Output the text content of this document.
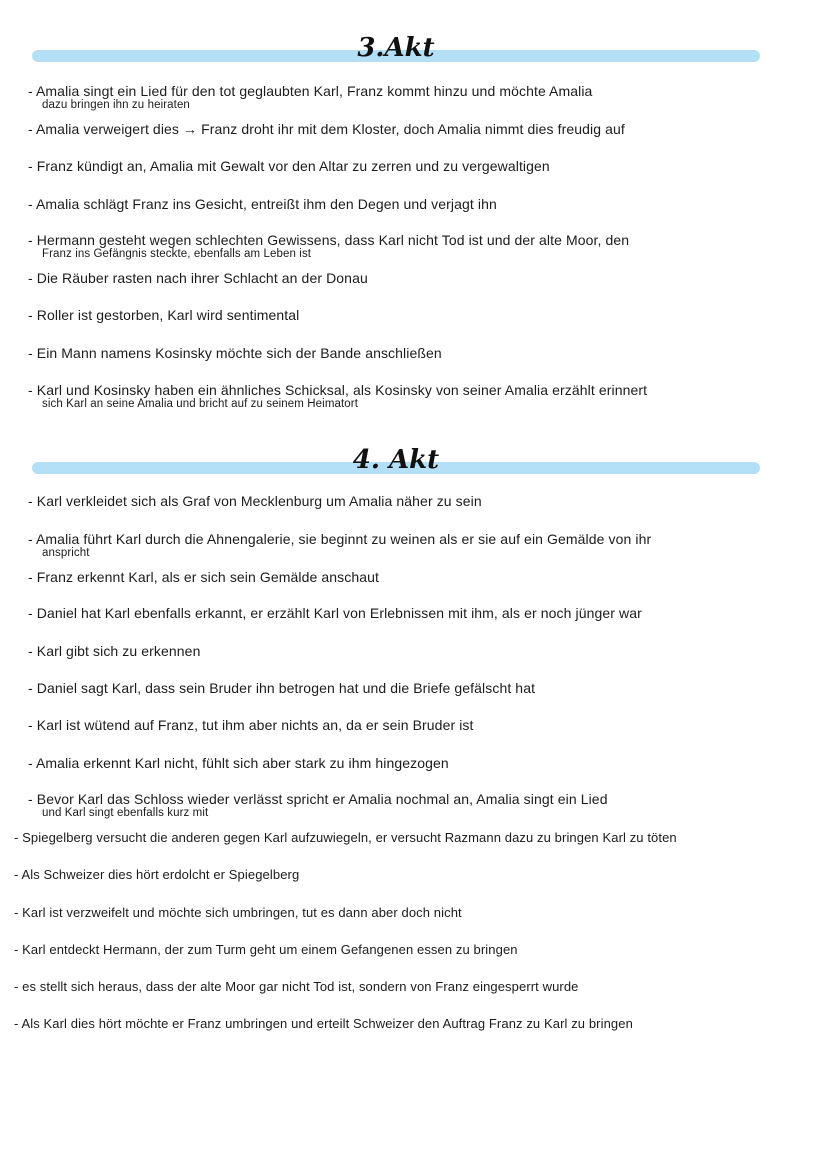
3.Akt
- Amalia singt ein Lied für den tot geglaubten Karl, Franz kommt hinzu und möchte Amalia
dazu bringen ihn zu heiraten
- Amalia verweigert dies → Franz droht ihr mit dem Kloster, doch Amalia nimmt dies freudig auf
- Franz kündigt an, Amalia mit Gewalt vor den Altar zu zerren und zu vergewaltigen
- Amalia schlägt Franz ins Gesicht, entreißt ihm den Degen und verjagt ihn
- Hermann gesteht wegen schlechten Gewissens, dass Karl nicht Tod ist und der alte Moor, den
Franz ins Gefängnis steckte, ebenfalls am Leben ist
- Die Räuber rasten nach ihrer Schlacht an der Donau
- Roller ist gestorben, Karl wird sentimental
- Ein Mann namens Kosinsky möchte sich der Bande anschließen
- Karl und Kosinsky haben ein ähnliches Schicksal, als Kosinsky von seiner Amalia erzählt erinnert
sich Karl an seine Amalia und bricht auf zu seinem Heimatort
4. Akt
- Karl verkleidet sich als Graf von Mecklenburg um Amalia näher zu sein
- Amalia führt Karl durch die Ahnengalerie, sie beginnt zu weinen als er sie auf ein Gemälde von ihr
anspricht
- Franz erkennt Karl, als er sich sein Gemälde anschaut
- Daniel hat Karl ebenfalls erkannt, er erzählt Karl von Erlebnissen mit ihm, als er noch jünger war
- Karl gibt sich zu erkennen
- Daniel sagt Karl, dass sein Bruder ihn betrogen hat und die Briefe gefälscht hat
- Karl ist wütend auf Franz, tut ihm aber nichts an, da er sein Bruder ist
- Amalia erkennt Karl nicht, fühlt sich aber stark zu ihm hingezogen
- Bevor Karl das Schloss wieder verlässt spricht er Amalia nochmal an, Amalia singt ein Lied
und Karl singt ebenfalls kurz mit
- Spiegelberg versucht die anderen gegen Karl aufzuwiegeln, er versucht Razmann dazu zu bringen Karl zu töten
- Als Schweizer dies hört erdolcht er Spiegelberg
- Karl ist verzweifelt und möchte sich umbringen, tut es dann aber doch nicht
- Karl entdeckt Hermann, der zum Turm geht um einem Gefangenen essen zu bringen
- es stellt sich heraus, dass der alte Moor gar nicht Tod ist, sondern von Franz eingesperrt wurde
- Als Karl dies hört möchte er Franz umbringen und erteilt Schweizer den Auftrag Franz zu Karl zu bringen
